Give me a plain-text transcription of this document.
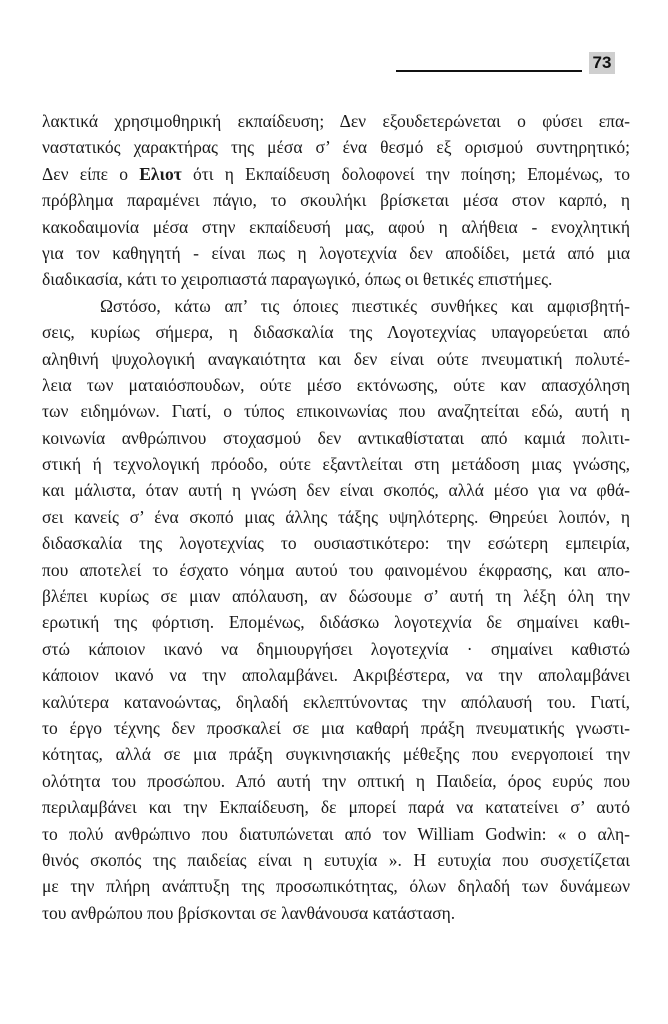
73
λακτικά χρησιμοθηρική εκπαίδευση; Δεν εξουδετερώνεται ο φύσει επα-
ναστατικός χαρακτήρας της μέσα σ’ ένα θεσμό εξ ορισμού συντηρητικό;
Δεν είπε ο Ελιοτ ότι η Εκπαίδευση δολοφονεί την ποίηση; Επομένως, το
πρόβλημα παραμένει πάγιο, το σκουλήκι βρίσκεται μέσα στον καρπό, η
κακοδαιμονία μέσα στην εκπαίδευσή μας, αφού η αλήθεια - ενοχλητική
για τον καθηγητή - είναι πως η λογοτεχνία δεν αποδίδει, μετά από μια
διαδικασία, κάτι το χειροπιαστά παραγωγικό, όπως οι θετικές επιστήμες.
Ωστόσο, κάτω απ’ τις όποιες πιεστικές συνθήκες και αμφισβητή-
σεις, κυρίως σήμερα, η διδασκαλία της Λογοτεχνίας υπαγορεύεται από
αληθινή ψυχολογική αναγκαιότητα και δεν είναι ούτε πνευματική πολυτέ-
λεια των ματαιόσπουδων, ούτε μέσο εκτόνωσης, ούτε καν απασχόληση
των ειδημόνων. Γιατί, ο τύπος επικοινωνίας που αναζητείται εδώ, αυτή η
κοινωνία ανθρώπινου στοχασμού δεν αντικαθίσταται από καμιά πολιτι-
στική ή τεχνολογική πρόοδο, ούτε εξαντλείται στη μετάδοση μιας γνώσης,
και μάλιστα, όταν αυτή η γνώση δεν είναι σκοπός, αλλά μέσο για να φθά-
σει κανείς σ’ ένα σκοπό μιας άλλης τάξης υψηλότερης. Θηρεύει λοιπόν, η
διδασκαλία της λογοτεχνίας το ουσιαστικότερο: την εσώτερη εμπειρία,
που αποτελεί το έσχατο νόημα αυτού του φαινομένου έκφρασης, και απο-
βλέπει κυρίως σε μιαν απόλαυση, αν δώσουμε σ’ αυτή τη λέξη όλη την
ερωτική της φόρτιση. Επομένως, διδάσκω λογοτεχνία δε σημαίνει καθι-
στώ κάποιον ικανό να δημιουργήσει λογοτεχνία · σημαίνει καθιστώ
κάποιον ικανό να την απολαμβάνει. Ακριβέστερα, να την απολαμβάνει
καλύτερα κατανοώντας, δηλαδή εκλεπτύνοντας την απόλαυσή του. Γιατί,
το έργο τέχνης δεν προσκαλεί σε μια καθαρή πράξη πνευματικής γνωστι-
κότητας, αλλά σε μια πράξη συγκινησιακής μέθεξης που ενεργοποιεί την
ολότητα του προσώπου. Από αυτή την οπτική η Παιδεία, όρος ευρύς που
περιλαμβάνει και την Εκπαίδευση, δε μπορεί παρά να κατατείνει σ’ αυτό
το πολύ ανθρώπινο που διατυπώνεται από τον William Godwin: « ο αλη-
θινός σκοπός της παιδείας είναι η ευτυχία ». Η ευτυχία που συσχετίζεται
με την πλήρη ανάπτυξη της προσωπικότητας, όλων δηλαδή των δυνάμεων
του ανθρώπου που βρίσκονται σε λανθάνουσα κατάσταση.
